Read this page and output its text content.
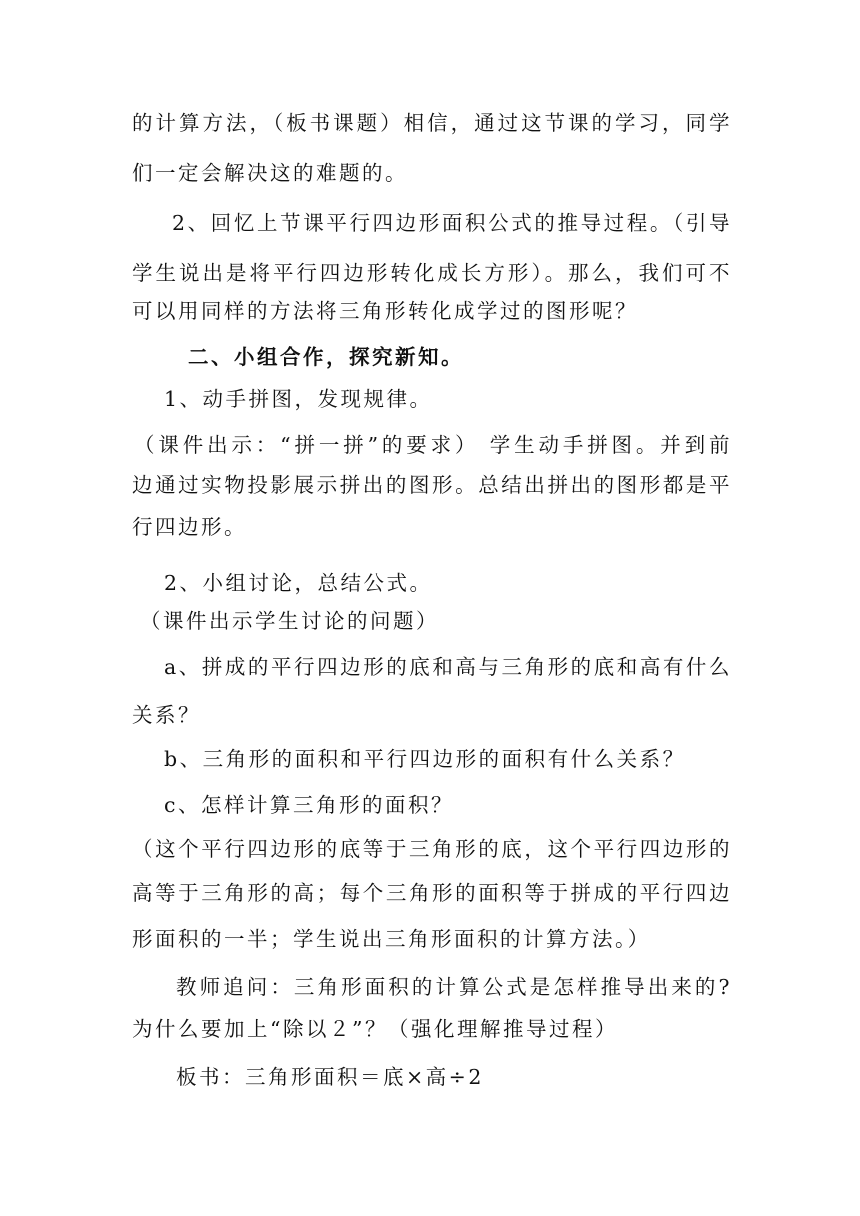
的计算方法，（板书课题）相信，通过这节课的学习，同学
们一定会解决这的难题的。
2、回忆上节课平行四边形面积公式的推导过程。（引导
学生说出是将平行四边形转化成长方形）。那么，我们可不
可以用同样的方法将三角形转化成学过的图形呢？
二、小组合作，探究新知。
1、动手拼图，发现规律。
（课件出示：“拼一拼”的要求） 学生动手拼图。并到前
边通过实物投影展示拼出的图形。总结出拼出的图形都是平
行四边形。
2、小组讨论，总结公式。
（课件出示学生讨论的问题）
a、拼成的平行四边形的底和高与三角形的底和高有什么
关系？
b、三角形的面积和平行四边形的面积有什么关系？
c、怎样计算三角形的面积？
（这个平行四边形的底等于三角形的底，这个平行四边形的
高等于三角形的高；每个三角形的面积等于拼成的平行四边
形面积的一半；学生说出三角形面积的计算方法。）
教师追问：三角形面积的计算公式是怎样推导出来的?
为什么要加上“除以２”？（强化理解推导过程）
板书：三角形面积＝底×高÷2
